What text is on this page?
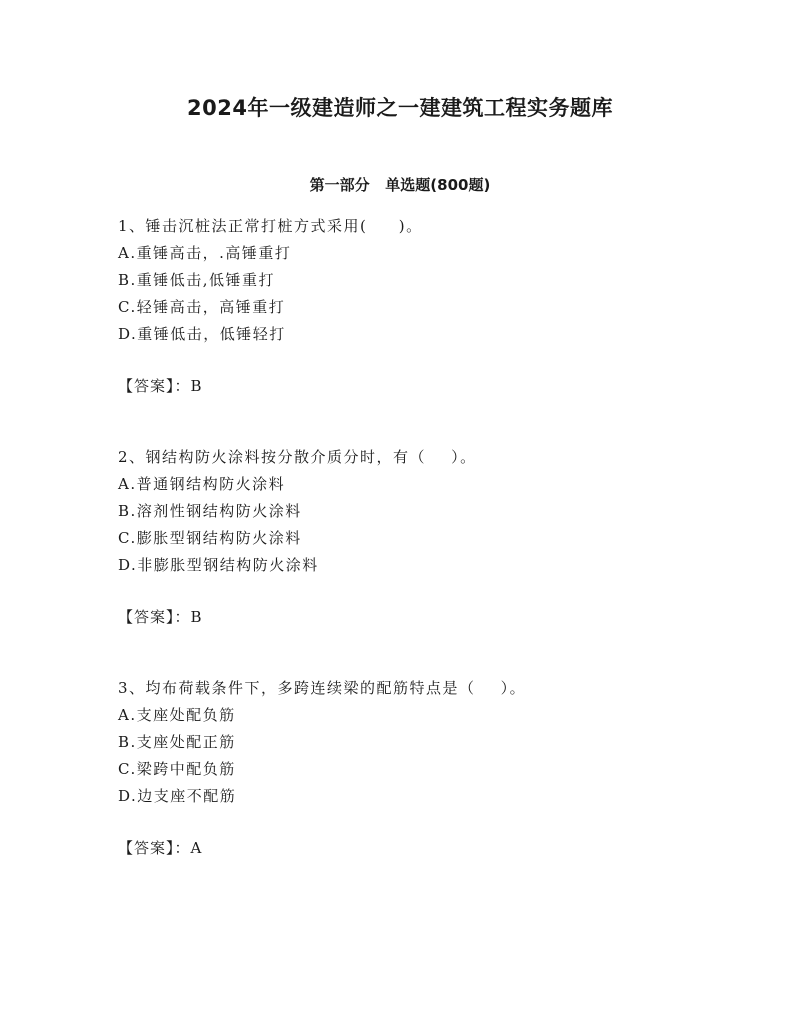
2024年一级建造师之一建建筑工程实务题库
第一部分   单选题(800题)
1、锤击沉桩法正常打桩方式采用(     )。
A.重锤高击，.高锤重打
B.重锤低击,低锤重打
C.轻锤高击，高锤重打
D.重锤低击，低锤轻打
【答案】：B
2、钢结构防火涂料按分散介质分时，有（    ）。
A.普通钢结构防火涂料
B.溶剂性钢结构防火涂料
C.膨胀型钢结构防火涂料
D.非膨胀型钢结构防火涂料
【答案】：B
3、均布荷载条件下，多跨连续梁的配筋特点是（    ）。
A.支座处配负筋
B.支座处配正筋
C.梁跨中配负筋
D.边支座不配筋
【答案】：A
